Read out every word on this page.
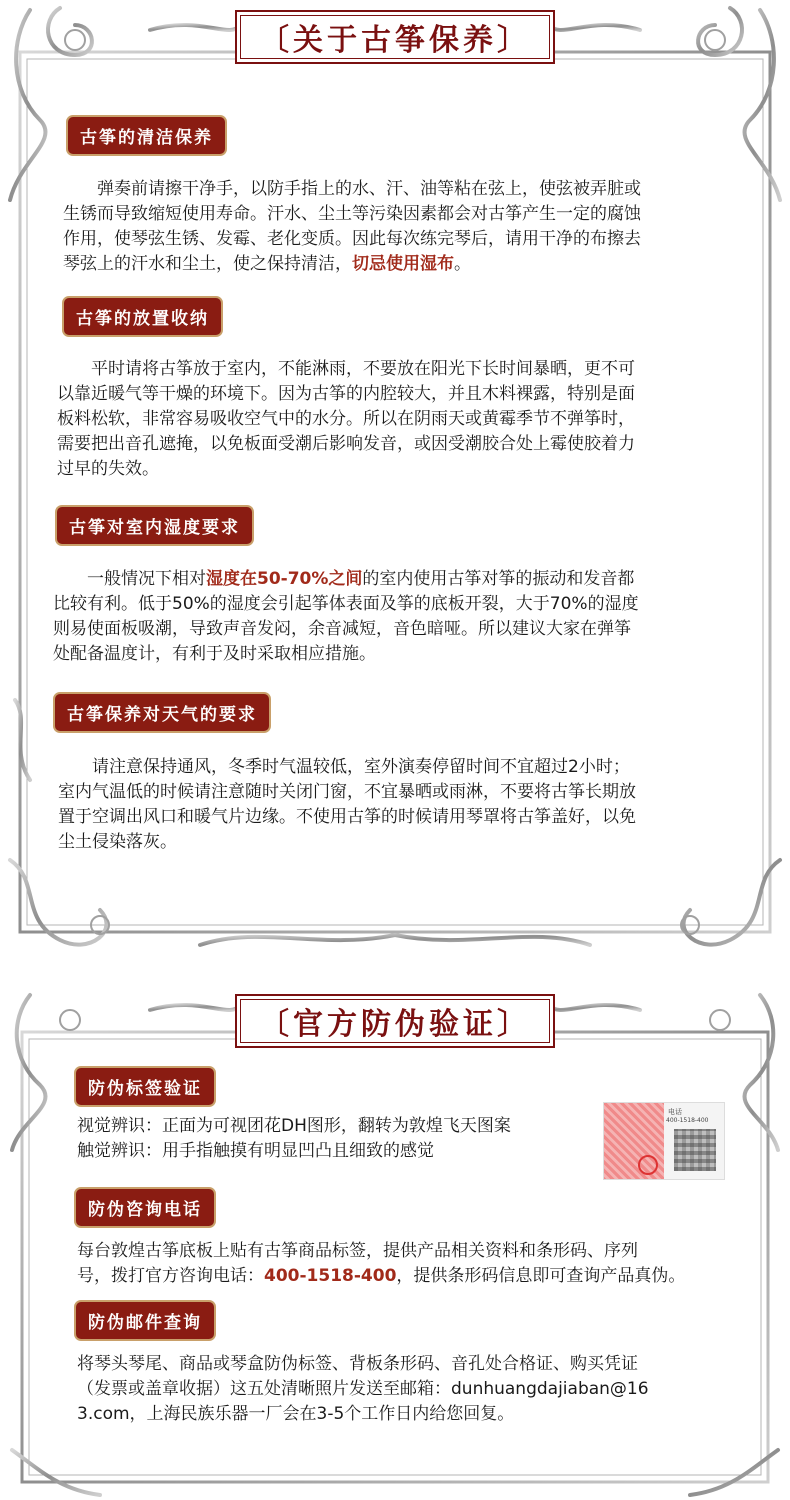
〔关于古筝保养〕
古筝的清洁保养
　　弹奏前请擦干净手，以防手指上的水、汗、油等粘在弦上，使弦被弄脏或
生锈而导致缩短使用寿命。汗水、尘土等污染因素都会对古筝产生一定的腐蚀
作用，使琴弦生锈、发霉、老化变质。因此每次练完琴后，请用干净的布擦去
琴弦上的汗水和尘土，使之保持清洁，切忌使用湿布。
古筝的放置收纳
　　平时请将古筝放于室内，不能淋雨，不要放在阳光下长时间暴晒，更不可
以靠近暖气等干燥的环境下。因为古筝的内腔较大，并且木料裸露，特别是面
板料松软，非常容易吸收空气中的水分。所以在阴雨天或黄霉季节不弹筝时，
需要把出音孔遮掩，以免板面受潮后影响发音，或因受潮胶合处上霉使胶着力
过早的失效。
古筝对室内湿度要求
　　一般情况下相对湿度在50-70%之间的室内使用古筝对筝的振动和发音都
比较有利。低于50%的湿度会引起筝体表面及筝的底板开裂，大于70%的湿度
则易使面板吸潮，导致声音发闷，余音减短，音色暗哑。所以建议大家在弹筝
处配备温度计，有利于及时采取相应措施。
古筝保养对天气的要求
　　请注意保持通风，冬季时气温较低，室外演奏停留时间不宜超过2小时；
室内气温低的时候请注意随时关闭门窗，不宜暴晒或雨淋，不要将古筝长期放
置于空调出风口和暖气片边缘。不使用古筝的时候请用琴罩将古筝盖好，以免
尘土侵染落灰。
〔官方防伪验证〕
防伪标签验证
视觉辨识：正面为可视团花DH图形，翻转为敦煌飞天图案
触觉辨识：用手指触摸有明显凹凸且细致的感觉
电话
400-1518-400
防伪咨询电话
每台敦煌古筝底板上贴有古筝商品标签，提供产品相关资料和条形码、序列
号，拨打官方咨询电话：400-1518-400，提供条形码信息即可查询产品真伪。
防伪邮件查询
将琴头琴尾、商品或琴盒防伪标签、背板条形码、音孔处合格证、购买凭证
（发票或盖章收据）这五处清晰照片发送至邮箱：dunhuangdajiaban@16
3.com，上海民族乐器一厂会在3-5个工作日内给您回复。
